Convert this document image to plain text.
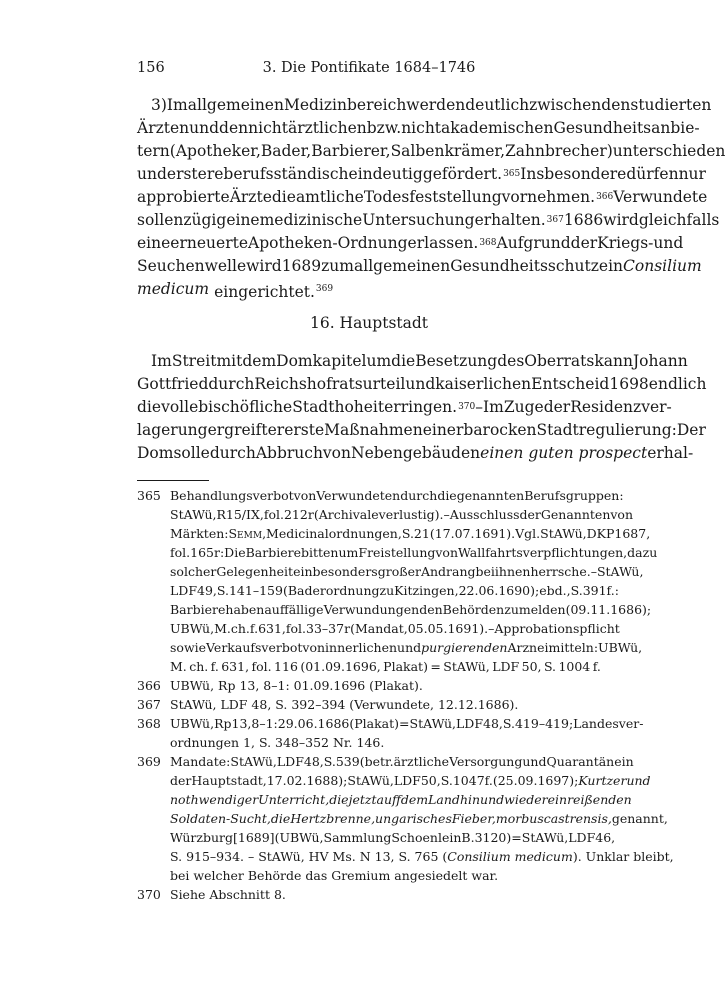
156	3. Die Pontifikate 1684–1746
3) Im allgemeinen Medizinbereich werden deutlich zwischen den studierten
Ärzten und den nichtärztlichen bzw. nichtakademischen Gesundheitsanbie-
tern (Apotheker, Bader, Barbierer, Salbenkrämer, Zahnbrecher) unterschieden
und erstere berufsständisch eindeutig gefördert. 365 Insbesondere dürfen nur
approbierte Ärzte die amtliche Todesfeststellung vornehmen. 366 Verwundete
sollen zügig eine medizinische Untersuchung erhalten. 367 1686 wird gleichfalls
eine erneuerte Apotheken-Ordnung erlassen. 368 Aufgrund der Kriegs- und
Seuchenwelle wird 1689 zum allgemeinen Gesundheitsschutz ein Consilium
medicum eingerichtet.$^{369}$
16. Hauptstadt
Im Streit mit dem Domkapitel um die Besetzung des Oberrats kann Johann
Gottfried durch Reichshofratsurteil und kaiserlichen Entscheid 1698 endlich
die volle bischöfliche Stadthoheit erringen. 370 – Im Zuge der Residenzver-
lagerung ergreift er erste Maßnahmen einer barocken Stadtregulierung: Der
Dom solle durch Abbruch von Nebengebäuden einen guten prospect erhal-
365 Behandlungsverbot von Verwundeten durch die genannten Berufsgruppen:
StAWü, R 15/IX, fol. 212r (Archivale verlustig). – Ausschluss der Genannten von
Märkten: Semm, Medicinalordnungen, S. 21 (17.07.1691). Vgl. StAWü, DKP 1687,
fol. 165r: Die Barbiere bitten um Freistellung von Wallfahrtsverpflichtungen, da zu
solcher Gelegenheit ein besonders großer Andrang bei ihnen herrsche. – StAWü,
LDF 49, S. 141–159 (Baderordnung zu Kitzingen, 22.06.1690); ebd., S. 391 f.:
Barbiere haben auffällige Verwundungen den Behörden zu melden (09.11.1686);
UBWü, M. ch. f. 631, fol. 33–37r (Mandat, 05.05.1691). – Approbationspflicht
sowie Verkaufsverbot von innerlichen und purgierenden Arzneimitteln: UBWü,
M. ch. f. 631, fol. 116 (01.09.1696, Plakat) = StAWü, LDF 50, S. 1004 f.
366 UBWü, Rp 13, 8–1: 01.09.1696 (Plakat).
367 StAWü, LDF 48, S. 392–394 (Verwundete, 12.12.1686).
368 UBWü, Rp 13, 8–1: 29.06.1686 (Plakat) = StAWü, LDF 48, S. 419–419; Landesver-
ordnungen 1, S. 348–352 Nr. 146.
369 Mandate: StAWü, LDF 48, S. 539 (betr. ärztliche Versorgung und Quarantäne in
der Hauptstadt, 17.02.1688); StAWü, LDF 50, S. 1047 f. (25.09.1697); Kurtzer und
nothwendiger Unterricht, die jetzt auff dem Land hin und wiedereinreißenden
Soldaten-Sucht, die Hertzbrenne, ungarisches Fieber, morbus castrensis, genannt,
Würzburg [1689] (UBWü, Sammlung Schoenlein B. 3120) = StAWü, LDF 46,
S. 915–934. – StAWü, HV Ms. N 13, S. 765 (Consilium medicum). Unklar bleibt,
bei welcher Behörde das Gremium angesiedelt war.
370 Siehe Abschnitt 8.
